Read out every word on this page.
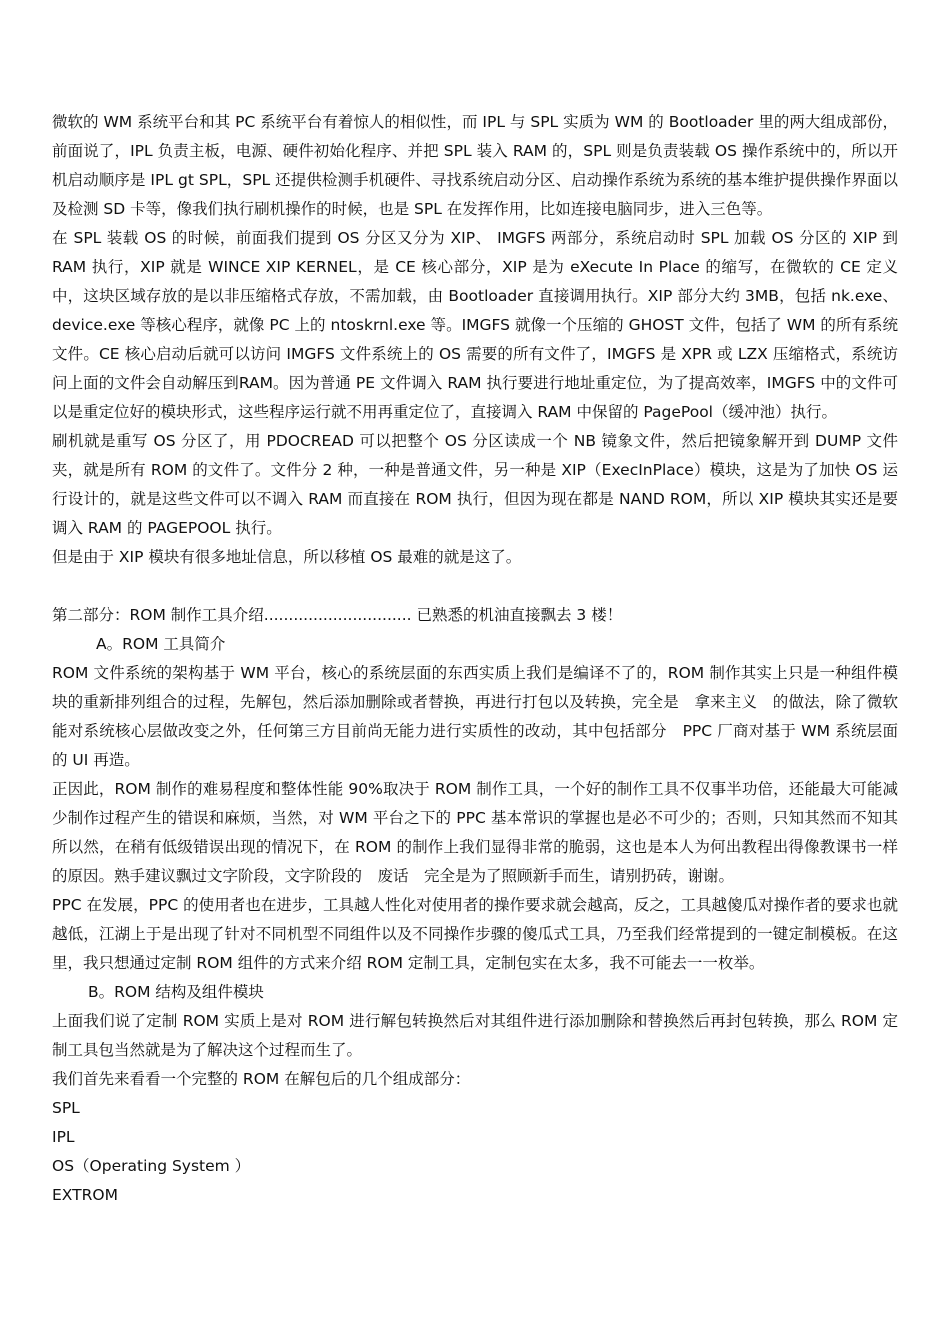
微软的 WM 系统平台和其 PC 系统平台有着惊人的相似性，而 IPL 与 SPL 实质为 WM 的 Bootloader 里的两大组成部份，前面说了，IPL 负责主板，电源、硬件初始化程序、并把 SPL 装入 RAM 的，SPL 则是负责装载 OS 操作系统中的，所以开机启动顺序是 IPL gt SPL，SPL 还提供检测手机硬件、寻找系统启动分区、启动操作系统为系统的基本维护提供操作界面以及检测 SD 卡等，像我们执行刷机操作的时候，也是 SPL 在发挥作用，比如连接电脑同步，进入三色等。

在 SPL 装载 OS 的时候，前面我们提到 OS 分区又分为 XIP、 IMGFS 两部分，系统启动时 SPL 加载 OS 分区的 XIP 到 RAM 执行，XIP 就是 WINCE XIP KERNEL，是 CE 核心部分，XIP 是为 eXecute In Place 的缩写，在微软的 CE 定义中，这块区域存放的是以非压缩格式存放，不需加载，由 Bootloader 直接调用执行。XIP 部分大约 3MB，包括 nk.exe、device.exe 等核心程序，就像 PC 上的 ntoskrnl.exe 等。IMGFS 就像一个压缩的 GHOST 文件，包括了 WM 的所有系统文件。CE 核心启动后就可以访问 IMGFS 文件系统上的 OS 需要的所有文件了，IMGFS 是 XPR 或 LZX 压缩格式，系统访问上面的文件会自动解压到RAM。因为普通 PE 文件调入 RAM 执行要进行地址重定位，为了提高效率，IMGFS 中的文件可以是重定位好的模块形式，这些程序运行就不用再重定位了，直接调入 RAM 中保留的 PagePool（缓冲池）执行。

刷机就是重写 OS 分区了，用 PDOCREAD 可以把整个 OS 分区读成一个 NB 镜象文件，然后把镜象解开到 DUMP 文件夹，就是所有 ROM 的文件了。文件分 2 种，一种是普通文件，另一种是 XIP（ExecInPlace）模块，这是为了加快 OS 运行设计的，就是这些文件可以不调入 RAM 而直接在 ROM 执行，但因为现在都是 NAND ROM，所以 XIP 模块其实还是要调入 RAM 的 PAGEPOOL 执行。

但是由于 XIP 模块有很多地址信息，所以移植 OS 最难的就是这了。

第二部分：ROM 制作工具介绍.............................. 已熟悉的机油直接飘去 3 楼！

A。ROM 工具简介

ROM 文件系统的架构基于 WM 平台，核心的系统层面的东西实质上我们是编译不了的，ROM 制作其实上只是一种组件模块的重新排列组合的过程，先解包，然后添加删除或者替换，再进行打包以及转换，完全是　拿来主义　的做法，除了微软能对系统核心层做改变之外，任何第三方目前尚无能力进行实质性的改动，其中包括部分　PPC 厂商对基于 WM 系统层面的 UI 再造。

正因此，ROM 制作的难易程度和整体性能 90%取决于 ROM 制作工具，一个好的制作工具不仅事半功倍，还能最大可能减少制作过程产生的错误和麻烦，当然，对 WM 平台之下的 PPC 基本常识的掌握也是必不可少的；否则，只知其然而不知其所以然，在稍有低级错误出现的情况下，在 ROM 的制作上我们显得非常的脆弱，这也是本人为何出教程出得像教课书一样的原因。熟手建议飘过文字阶段，文字阶段的　废话　完全是为了照顾新手而生，请别扔砖，谢谢。

PPC 在发展，PPC 的使用者也在进步，工具越人性化对使用者的操作要求就会越高，反之，工具越傻瓜对操作者的要求也就越低，江湖上于是出现了针对不同机型不同组件以及不同操作步骤的傻瓜式工具，乃至我们经常提到的一键定制模板。在这里，我只想通过定制 ROM 组件的方式来介绍 ROM 定制工具，定制包实在太多，我不可能去一一枚举。

B。ROM 结构及组件模块

上面我们说了定制 ROM 实质上是对 ROM 进行解包转换然后对其组件进行添加删除和替换然后再封包转换，那么 ROM 定制工具包当然就是为了解决这个过程而生了。

我们首先来看看一个完整的 ROM 在解包后的几个组成部分：

SPL

IPL

OS（Operating System ）

EXTROM
